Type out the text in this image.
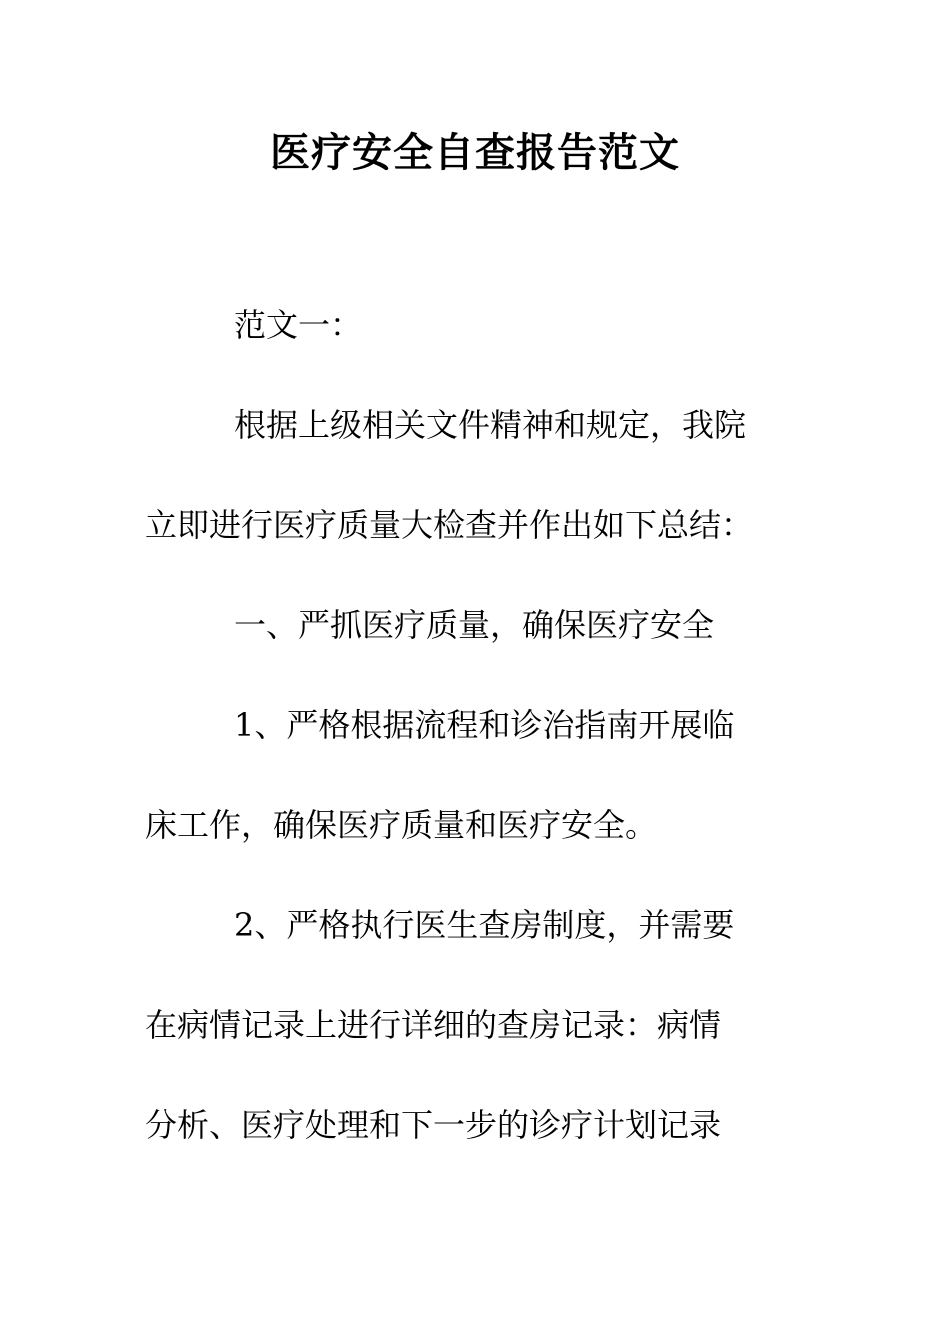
医疗安全自查报告范文
范文一：
根据上级相关文件精神和规定，我院
立即进行医疗质量大检查并作出如下总结：
一、严抓医疗质量，确保医疗安全
1、严格根据流程和诊治指南开展临
床工作，确保医疗质量和医疗安全。
2、严格执行医生查房制度，并需要
在病情记录上进行详细的查房记录：病情
分析、医疗处理和下一步的诊疗计划记录
